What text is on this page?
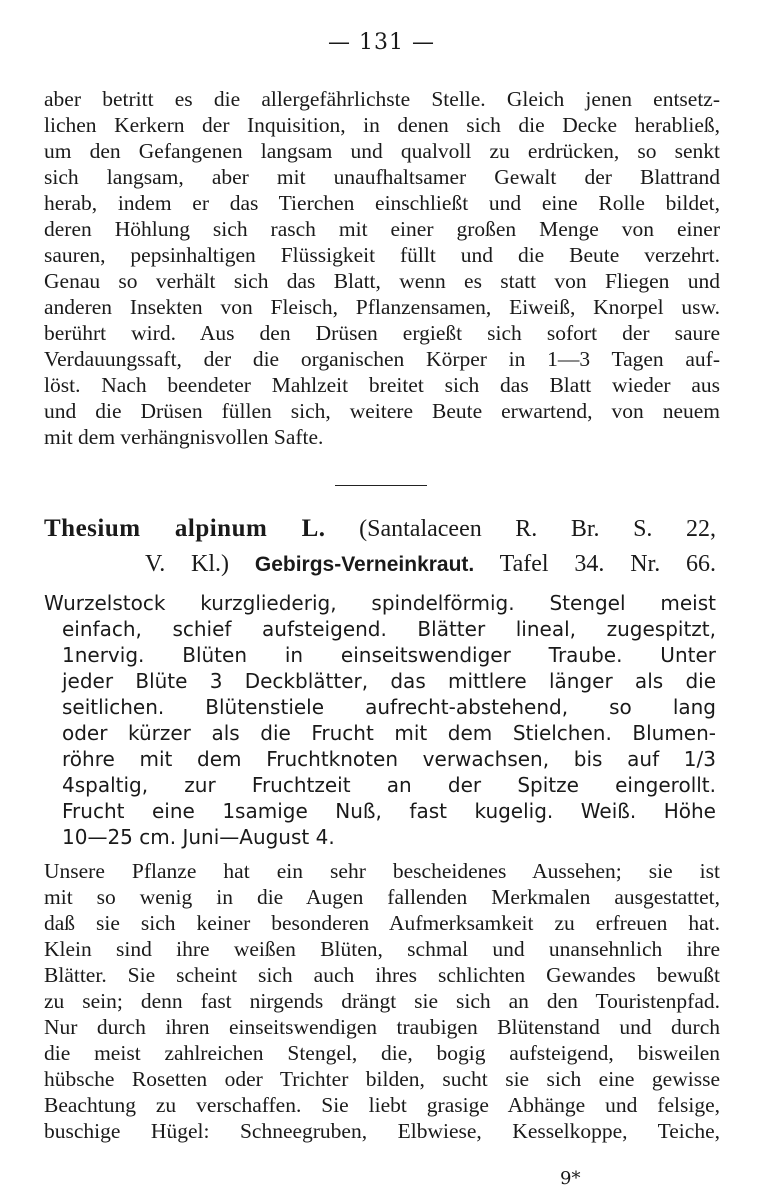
— 131 —
aber betritt es die allergefährlichste Stelle. Gleich jenen entsetz-
lichen Kerkern der Inquisition, in denen sich die Decke herabließ,
um den Gefangenen langsam und qualvoll zu erdrücken, so senkt
sich langsam, aber mit unaufhaltsamer Gewalt der Blattrand
herab, indem er das Tierchen einschließt und eine Rolle bildet,
deren Höhlung sich rasch mit einer großen Menge von einer
sauren, pepsinhaltigen Flüssigkeit füllt und die Beute verzehrt.
Genau so verhält sich das Blatt, wenn es statt von Fliegen und
anderen Insekten von Fleisch, Pflanzensamen, Eiweiß, Knorpel usw.
berührt wird. Aus den Drüsen ergießt sich sofort der saure
Verdauungssaft, der die organischen Körper in 1—3 Tagen auf-
löst. Nach beendeter Mahlzeit breitet sich das Blatt wieder aus
und die Drüsen füllen sich, weitere Beute erwartend, von neuem
mit dem verhängnisvollen Safte.
Thesium alpinum L. (Santalaceen R. Br. S. 22,
V. Kl.) Gebirgs-Verneinkraut. Tafel 34. Nr. 66.
Wurzelstock kurzgliederig, spindelförmig. Stengel meist
einfach, schief aufsteigend. Blätter lineal, zugespitzt,
1nervig. Blüten in einseitswendiger Traube. Unter
jeder Blüte 3 Deckblätter, das mittlere länger als die
seitlichen. Blütenstiele aufrecht-abstehend, so lang
oder kürzer als die Frucht mit dem Stielchen. Blumen-
röhre mit dem Fruchtknoten verwachsen, bis auf 1/3
4spaltig, zur Fruchtzeit an der Spitze eingerollt.
Frucht eine 1samige Nuß, fast kugelig. Weiß. Höhe
10—25 cm. Juni—August 4.
Unsere Pflanze hat ein sehr bescheidenes Aussehen; sie ist
mit so wenig in die Augen fallenden Merkmalen ausgestattet,
daß sie sich keiner besonderen Aufmerksamkeit zu erfreuen hat.
Klein sind ihre weißen Blüten, schmal und unansehnlich ihre
Blätter. Sie scheint sich auch ihres schlichten Gewandes bewußt
zu sein; denn fast nirgends drängt sie sich an den Touristenpfad.
Nur durch ihren einseitswendigen traubigen Blütenstand und durch
die meist zahlreichen Stengel, die, bogig aufsteigend, bisweilen
hübsche Rosetten oder Trichter bilden, sucht sie sich eine gewisse
Beachtung zu verschaffen. Sie liebt grasige Abhänge und felsige,
buschige Hügel: Schneegruben, Elbwiese, Kesselkoppe, Teiche,
9*
